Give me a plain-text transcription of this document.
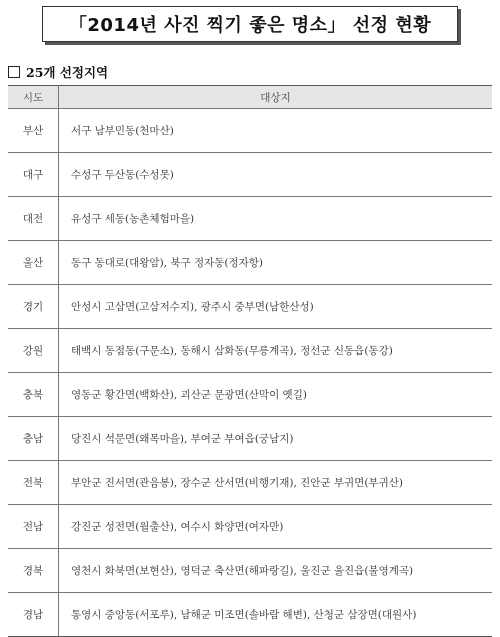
「2014년 사진 찍기 좋은 명소」 선정 현황
25개 선정지역
시도	대상지
부산	서구 남부민동(천마산)
대구	수성구 두산동(수성못)
대전	유성구 세동(농촌체험마을)
울산	동구 동대로(대왕암), 북구 정자동(정자항)
경기	안성시 고삼면(고삼저수지), 광주시 중부면(남한산성)
강원	태백시 동점동(구문소), 동해시 삼화동(무릉계곡), 정선군 신동읍(동강)
충북	영동군 황간면(백화산), 괴산군 문광면(산막이 옛길)
충남	당진시 석문면(왜목마을), 부여군 부여읍(궁남지)
전북	부안군 진서면(관음봉), 장수군 산서면(비행기재), 진안군 부귀면(부귀산)
전남	강진군 성전면(월출산), 여수시 화양면(여자만)
경북	영천시 화북면(보현산), 영덕군 축산면(해파랑길), 울진군 울진읍(불영계곡)
경남	통영시 중앙동(서포루), 남해군 미조면(솔바람 해변), 산청군 삼장면(대원사)
